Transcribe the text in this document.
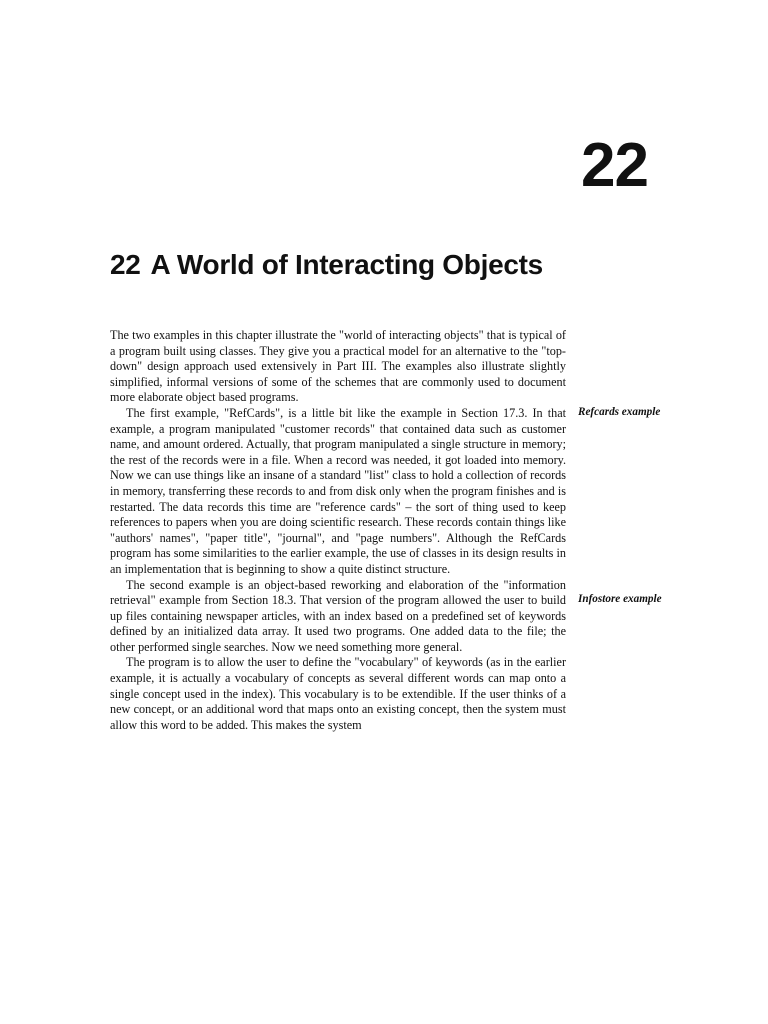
22
22 A World of Interacting Objects

The two examples in this chapter illustrate the "world of interacting objects" that is typical of a program built using classes. They give you a practical model for an alternative to the "top-down" design approach used extensively in Part III. The examples also illustrate slightly simplified, informal versions of some of the schemes that are commonly used to document more elaborate object based programs.

The first example, "RefCards", is a little bit like the example in Section 17.3. In that example, a program manipulated "customer records" that contained data such as customer name, and amount ordered. Actually, that program manipulated a single structure in memory; the rest of the records were in a file. When a record was needed, it got loaded into memory. Now we can use things like an insane of a standard "list" class to hold a collection of records in memory, transferring these records to and from disk only when the program finishes and is restarted. The data records this time are "reference cards" – the sort of thing used to keep references to papers when you are doing scientific research. These records contain things like "authors' names", "paper title", "journal", and "page numbers". Although the RefCards program has some similarities to the earlier example, the use of classes in its design results in an implementation that is beginning to show a quite distinct structure.

The second example is an object-based reworking and elaboration of the "information retrieval" example from Section 18.3. That version of the program allowed the user to build up files containing newspaper articles, with an index based on a predefined set of keywords defined by an initialized data array. It used two programs. One added data to the file; the other performed single searches. Now we need something more general.

The program is to allow the user to define the "vocabulary" of keywords (as in the earlier example, it is actually a vocabulary of concepts as several different words can map onto a single concept used in the index). This vocabulary is to be extendible. If the user thinks of a new concept, or an additional word that maps onto an existing concept, then the system must allow this word to be added. This makes the system

Refcards example
Infostore example
